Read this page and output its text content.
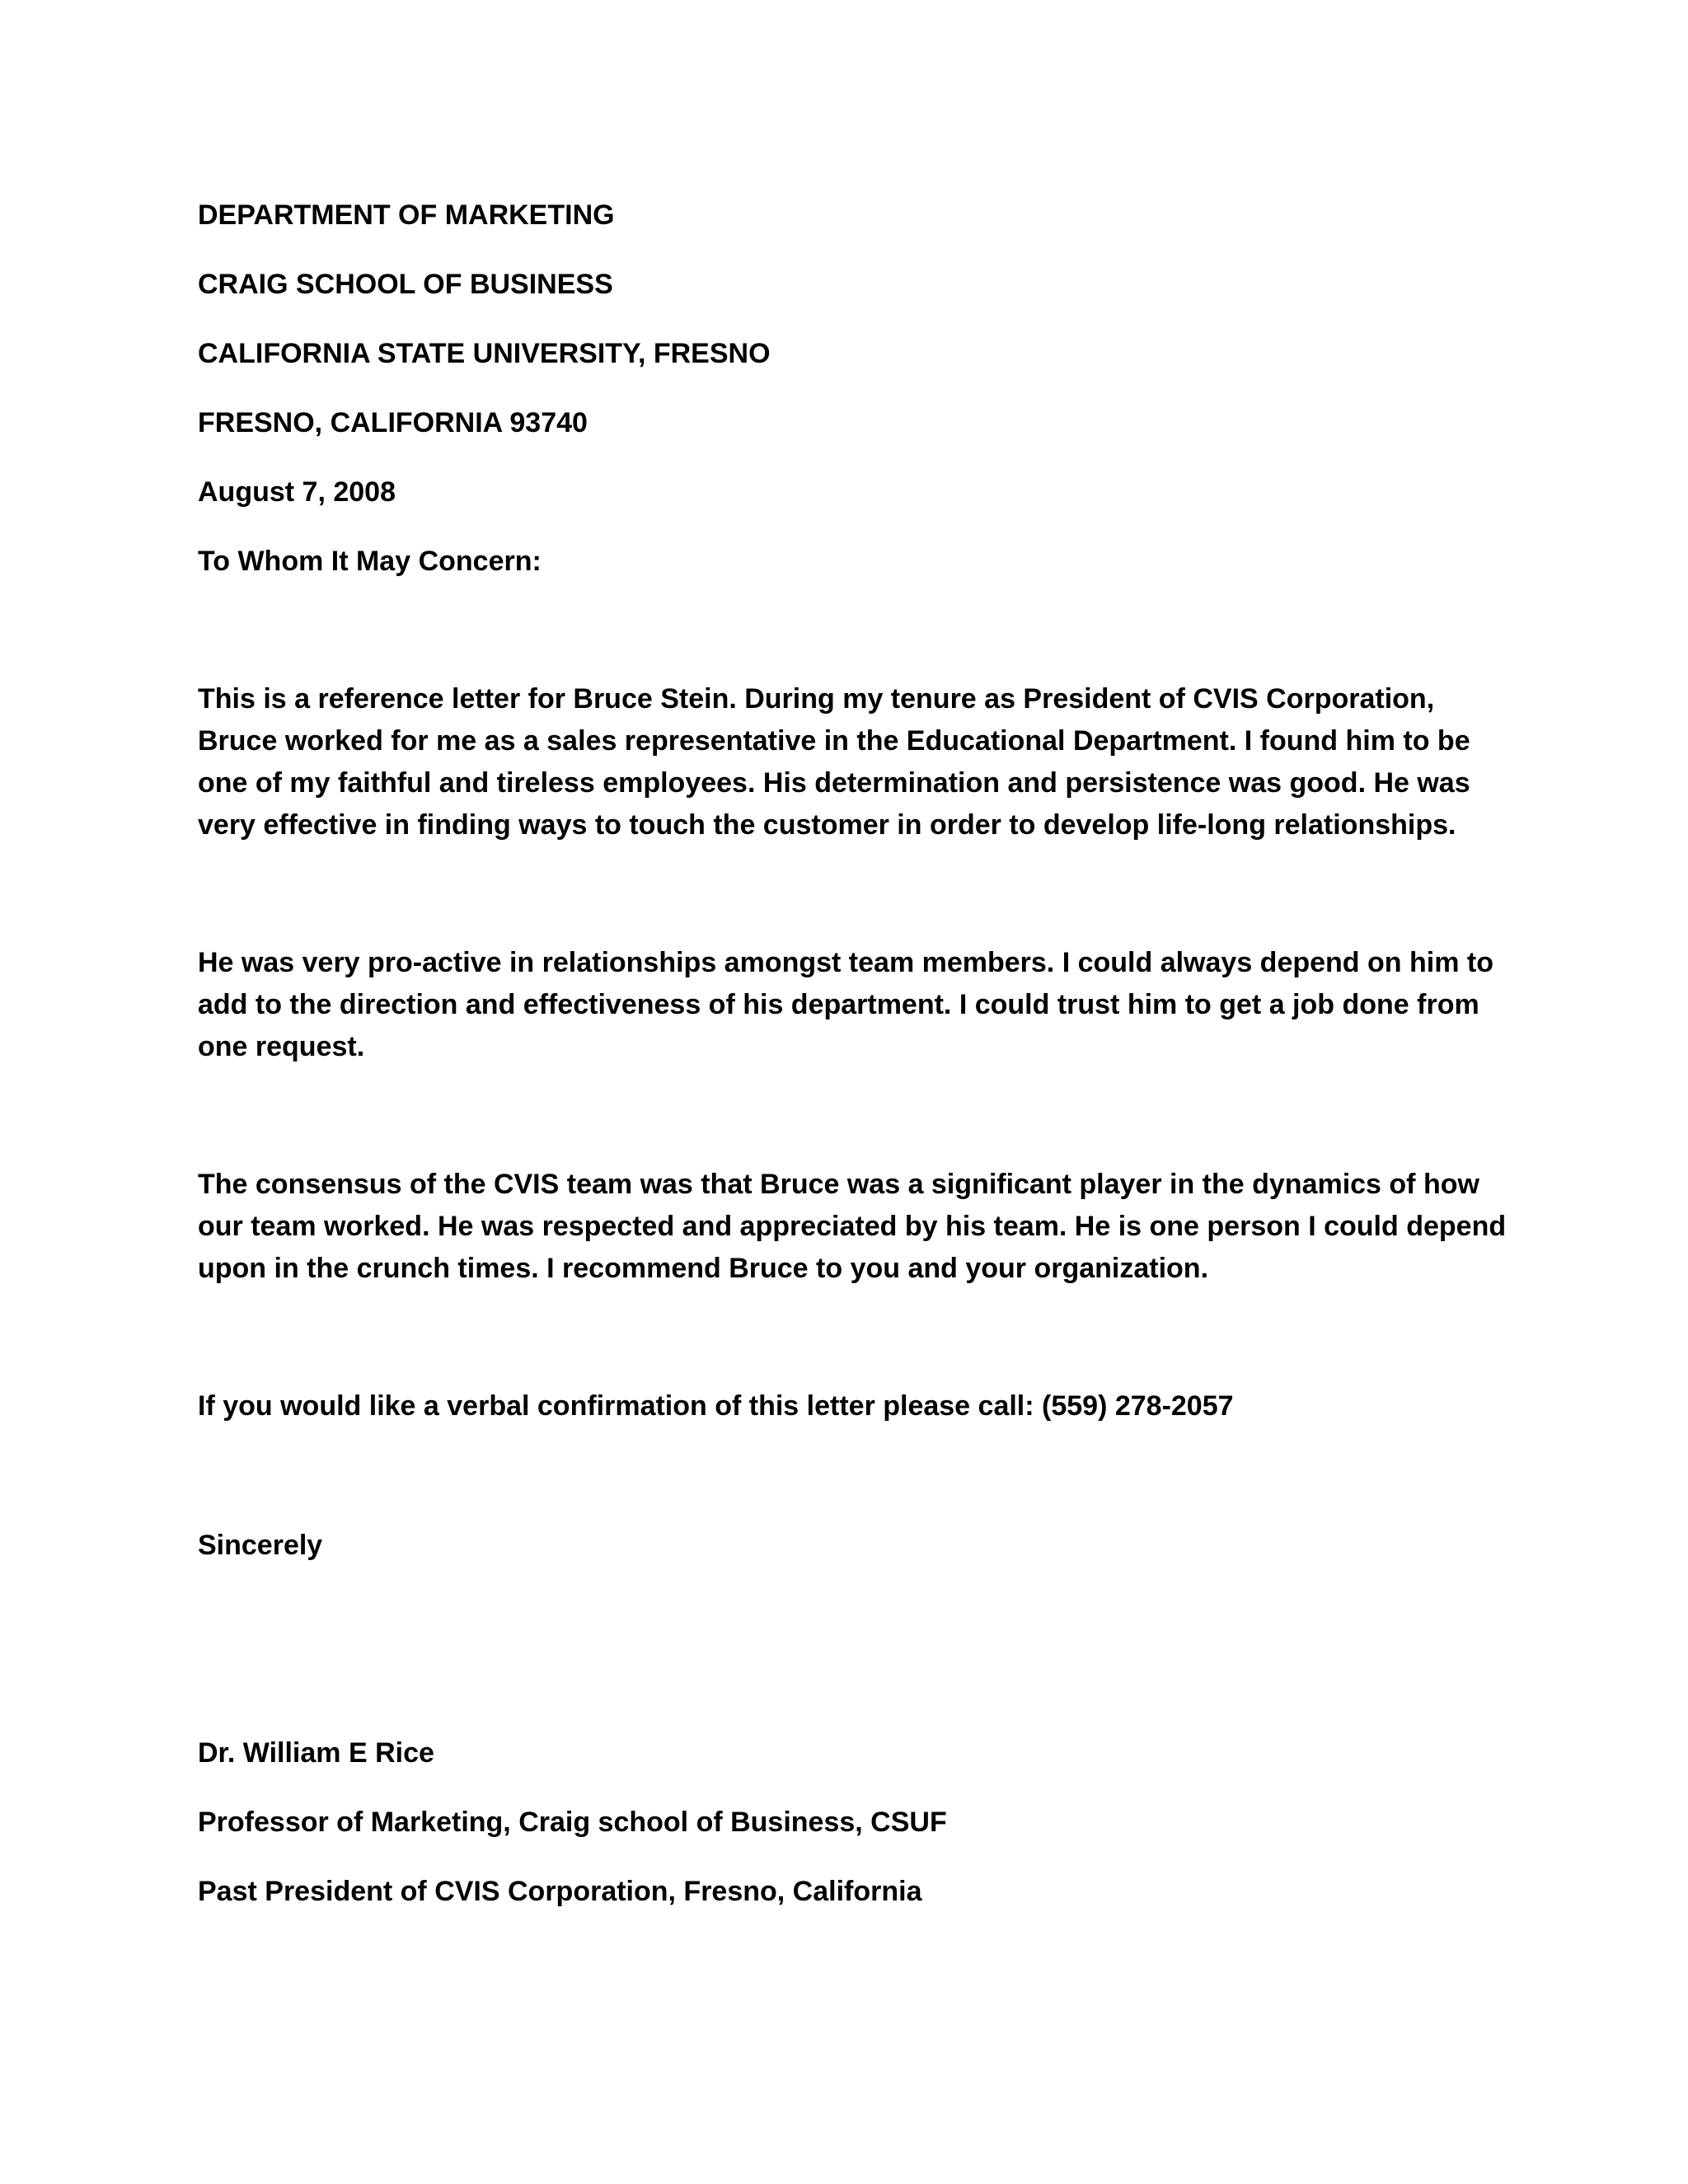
DEPARTMENT OF MARKETING

CRAIG SCHOOL OF BUSINESS

CALIFORNIA STATE UNIVERSITY, FRESNO

FRESNO, CALIFORNIA 93740

August 7, 2008

To Whom It May Concern:

This is a reference letter for Bruce Stein. During my tenure as President of CVIS Corporation, Bruce worked for me as a sales representative in the Educational Department. I found him to be one of my faithful and tireless employees. His determination and persistence was good. He was very effective in finding ways to touch the customer in order to develop life-long relationships.

He was very pro-active in relationships amongst team members. I could always depend on him to add to the direction and effectiveness of his department. I could trust him to get a job done from one request.

The consensus of the CVIS team was that Bruce was a significant player in the dynamics of how our team worked. He was respected and appreciated by his team. He is one person I could depend upon in the crunch times. I recommend Bruce to you and your organization.

If you would like a verbal confirmation of this letter please call: (559) 278-2057

Sincerely

Dr. William E Rice

Professor of Marketing, Craig school of Business, CSUF

Past President of CVIS Corporation, Fresno, California
